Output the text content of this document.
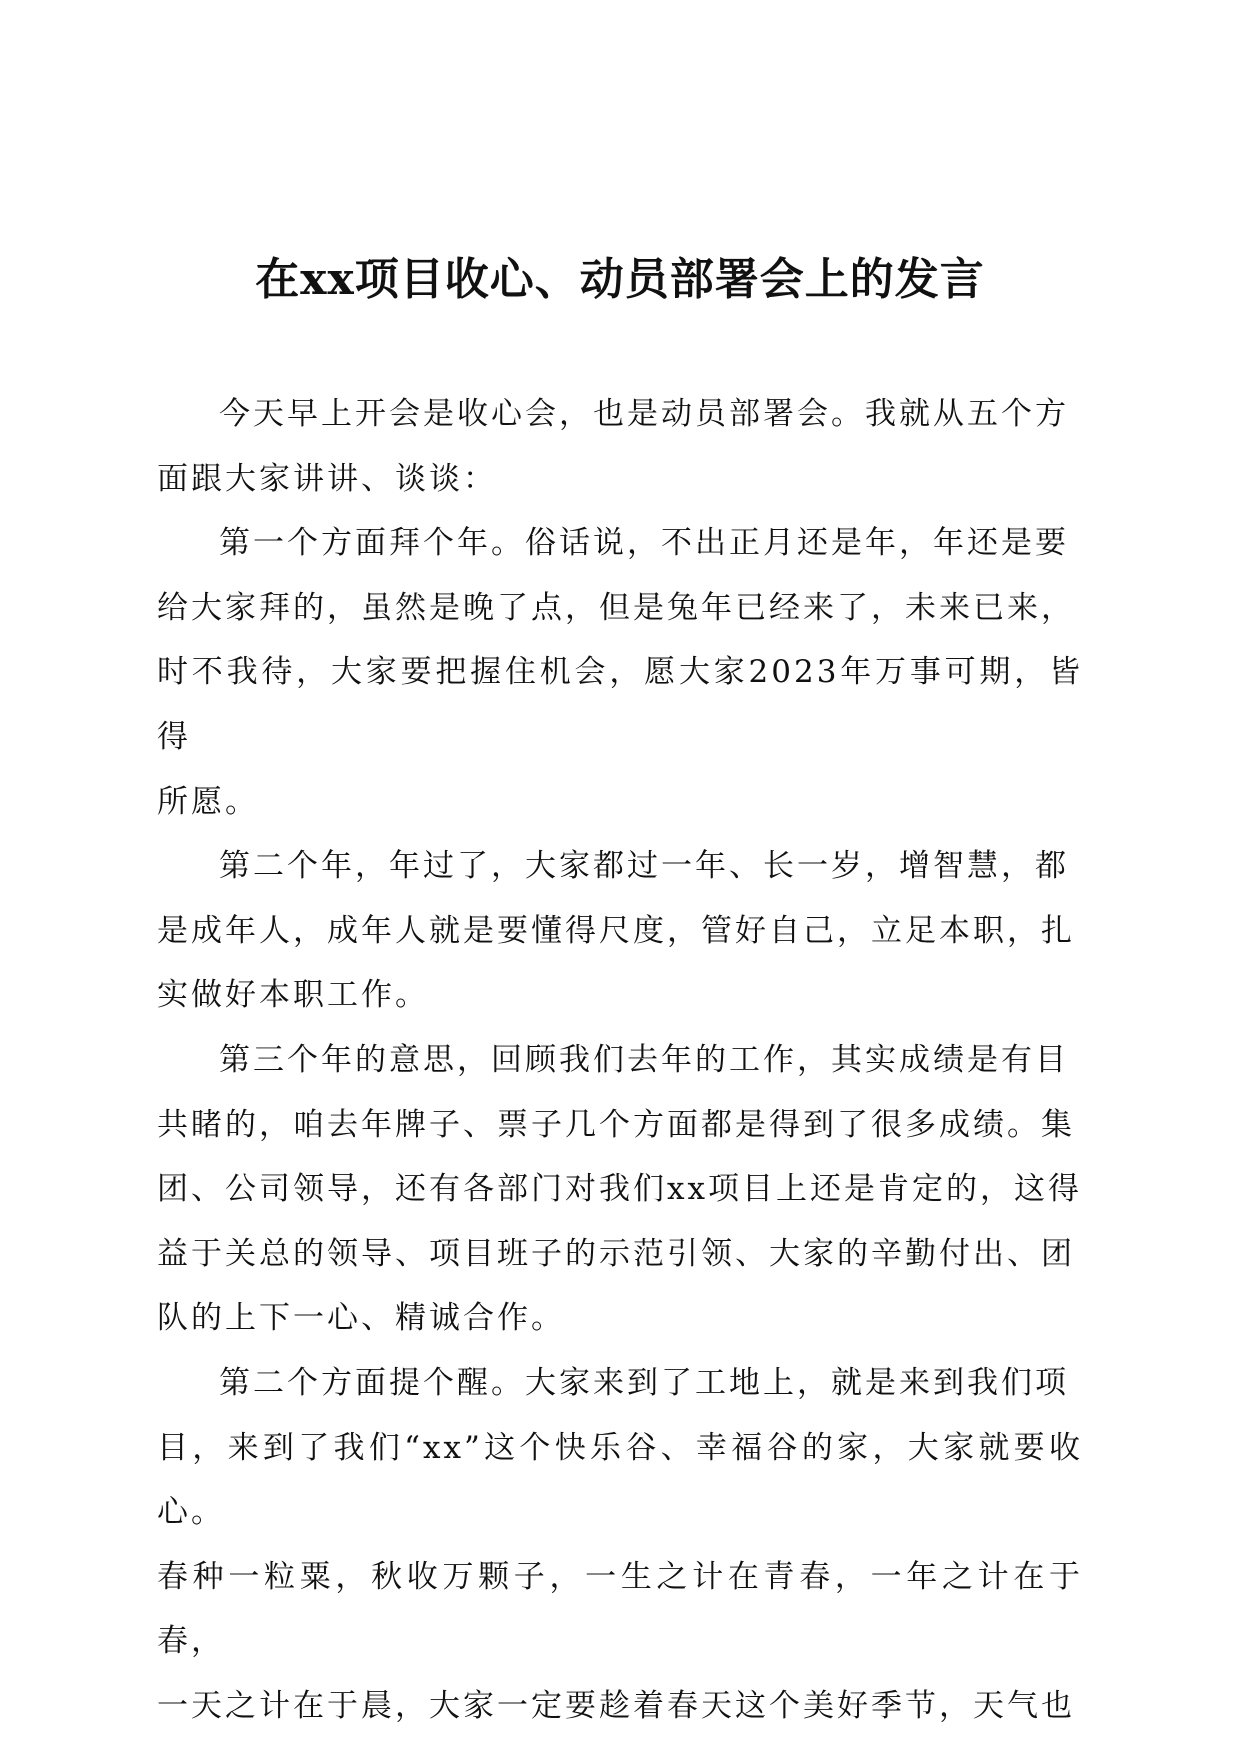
在xx项目收心、动员部署会上的发言

今天早上开会是收心会，也是动员部署会。我就从五个方
面跟大家讲讲、谈谈：

第一个方面拜个年。俗话说，不出正月还是年，年还是要
给大家拜的，虽然是晚了点，但是兔年已经来了，未来已来，
时不我待，大家要把握住机会，愿大家2023年万事可期，皆得
所愿。

第二个年，年过了，大家都过一年、长一岁，增智慧，都
是成年人，成年人就是要懂得尺度，管好自己，立足本职，扎
实做好本职工作。

第三个年的意思，回顾我们去年的工作，其实成绩是有目
共睹的，咱去年牌子、票子几个方面都是得到了很多成绩。集
团、公司领导，还有各部门对我们xx项目上还是肯定的，这得
益于关总的领导、项目班子的示范引领、大家的辛勤付出、团
队的上下一心、精诚合作。

第二个方面提个醒。大家来到了工地上，就是来到我们项
目，来到了我们“xx”这个快乐谷、幸福谷的家，大家就要收心。
春种一粒粟，秋收万颗子，一生之计在青春，一年之计在于春，
一天之计在于晨，大家一定要趁着春天这个美好季节，天气也
